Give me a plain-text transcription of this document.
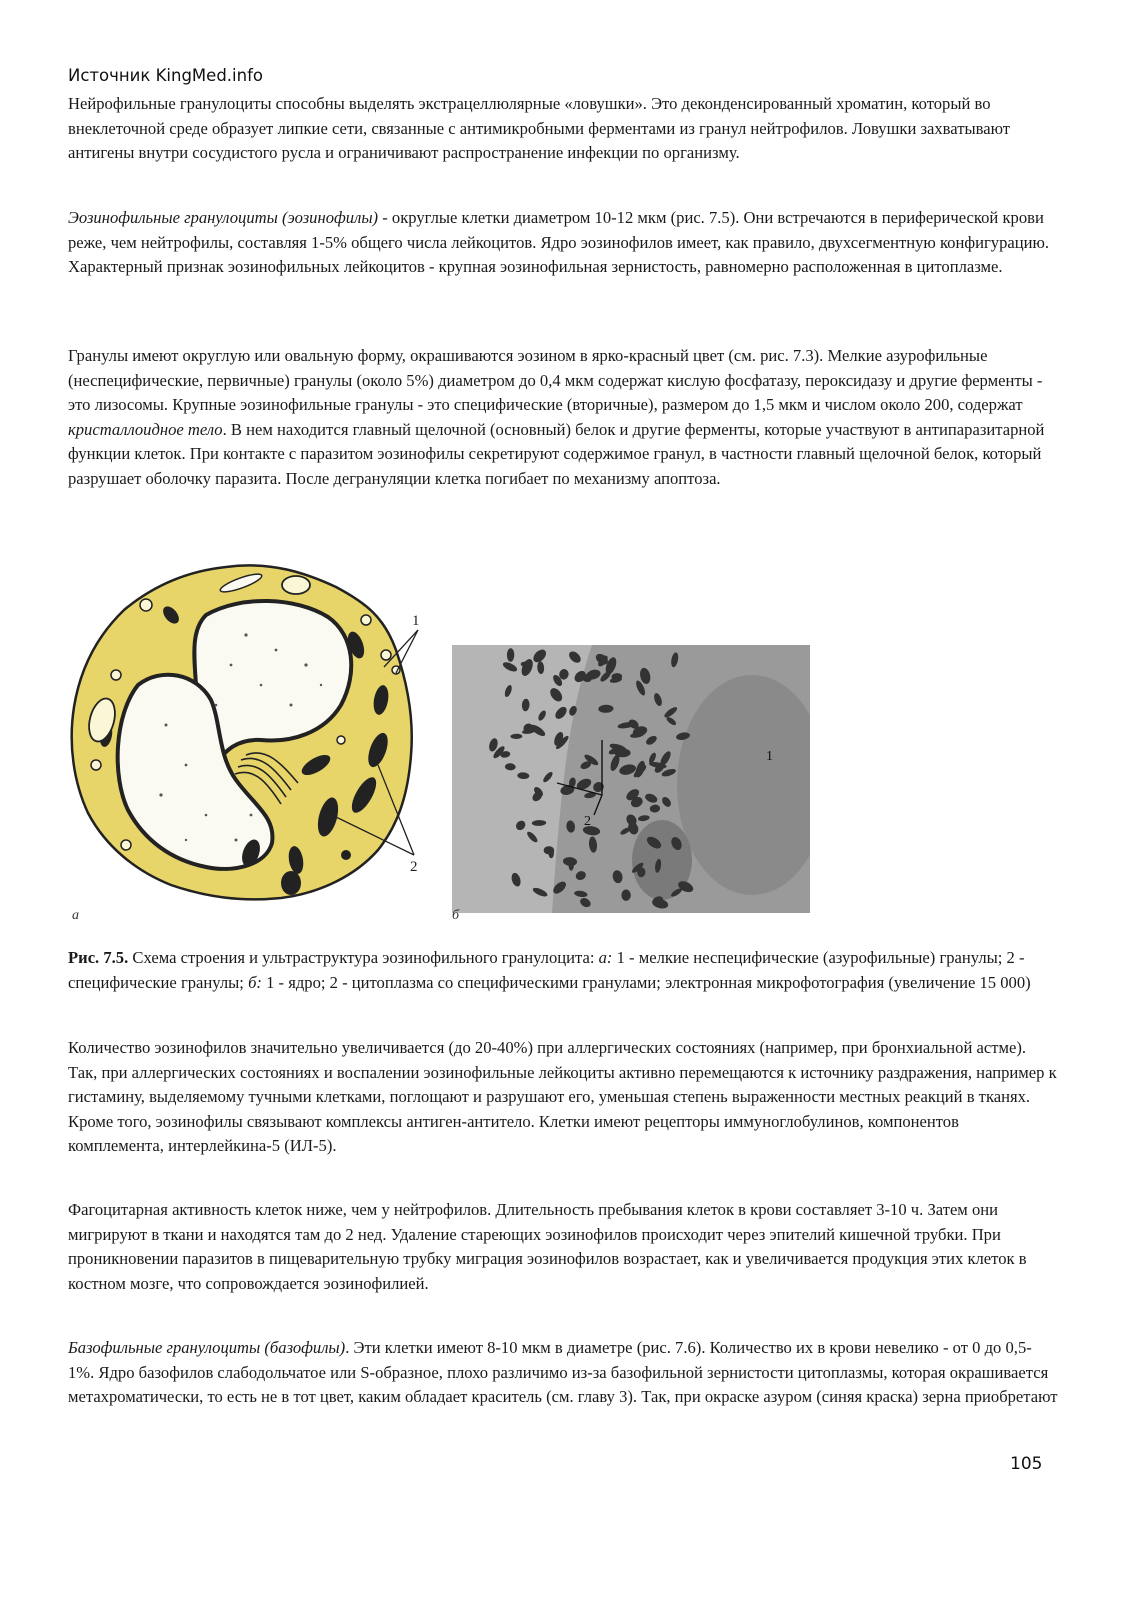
Источник KingMed.info

Нейрофильные гранулоциты способны выделять экстрацеллюлярные «ловушки». Это деконденсированный хроматин, который во внеклеточной среде образует липкие сети, связанные с антимикробными ферментами из гранул нейтрофилов. Ловушки захватывают антигены внутри сосудистого русла и ограничивают распространение инфекции по организму.

Эозинофильные гранулоциты (эозинофилы) - округлые клетки диаметром 10-12 мкм (рис. 7.5). Они встречаются в периферической крови реже, чем нейтрофилы, составляя 1-5% общего числа лейкоцитов. Ядро эозинофилов имеет, как правило, двухсегментную конфигурацию. Характерный признак эозинофильных лейкоцитов - крупная эозинофильная зернистость, равномерно расположенная в цитоплазме.

Гранулы имеют округлую или овальную форму, окрашиваются эозином в ярко-красный цвет (см. рис. 7.3). Мелкие азурофильные (неспецифические, первичные) гранулы (около 5%) диаметром до 0,4 мкм содержат кислую фосфатазу, пероксидазу и другие ферменты - это лизосомы. Крупные эозинофильные гранулы - это специфические (вторичные), размером до 1,5 мкм и числом около 200, содержат кристаллоидное тело. В нем находится главный щелочной (основный) белок и другие ферменты, которые участвуют в антипаразитарной функции клеток. При контакте с паразитом эозинофилы секретируют содержимое гранул, в частности главный щелочной белок, который разрушает оболочку паразита. После дегрануляции клетка погибает по механизму апоптоза.

1
2
1
2
а	б

Рис. 7.5. Схема строения и ультраструктура эозинофильного гранулоцита: а: 1 - мелкие неспецифические (азурофильные) гранулы; 2 - специфические гранулы; б: 1 - ядро; 2 - цитоплазма со специфическими гранулами; электронная микрофотография (увеличение 15 000)

Количество эозинофилов значительно увеличивается (до 20-40%) при аллергических состояниях (например, при бронхиальной астме). Так, при аллергических состояниях и воспалении эозинофильные лейкоциты активно перемещаются к источнику раздражения, например к гистамину, выделяемому тучными клетками, поглощают и разрушают его, уменьшая степень выраженности местных реакций в тканях. Кроме того, эозинофилы связывают комплексы антиген-антитело. Клетки имеют рецепторы иммуноглобулинов, компонентов комплемента, интерлейкина-5 (ИЛ-5).

Фагоцитарная активность клеток ниже, чем у нейтрофилов. Длительность пребывания клеток в крови составляет 3-10 ч. Затем они мигрируют в ткани и находятся там до 2 нед. Удаление стареющих эозинофилов происходит через эпителий кишечной трубки. При проникновении паразитов в пищеварительную трубку миграция эозинофилов возрастает, как и увеличивается продукция этих клеток в костном мозге, что сопровождается эозинофилией.

Базофильные гранулоциты (базофилы). Эти клетки имеют 8-10 мкм в диаметре (рис. 7.6). Количество их в крови невелико - от 0 до 0,5-1%. Ядро базофилов слабодольчатое или S-образное, плохо различимо из-за базофильной зернистости цитоплазмы, которая окрашивается метахроматически, то есть не в тот цвет, каким обладает краситель (см. главу 3). Так, при окраске азуром (синяя краска) зерна приобретают

105
